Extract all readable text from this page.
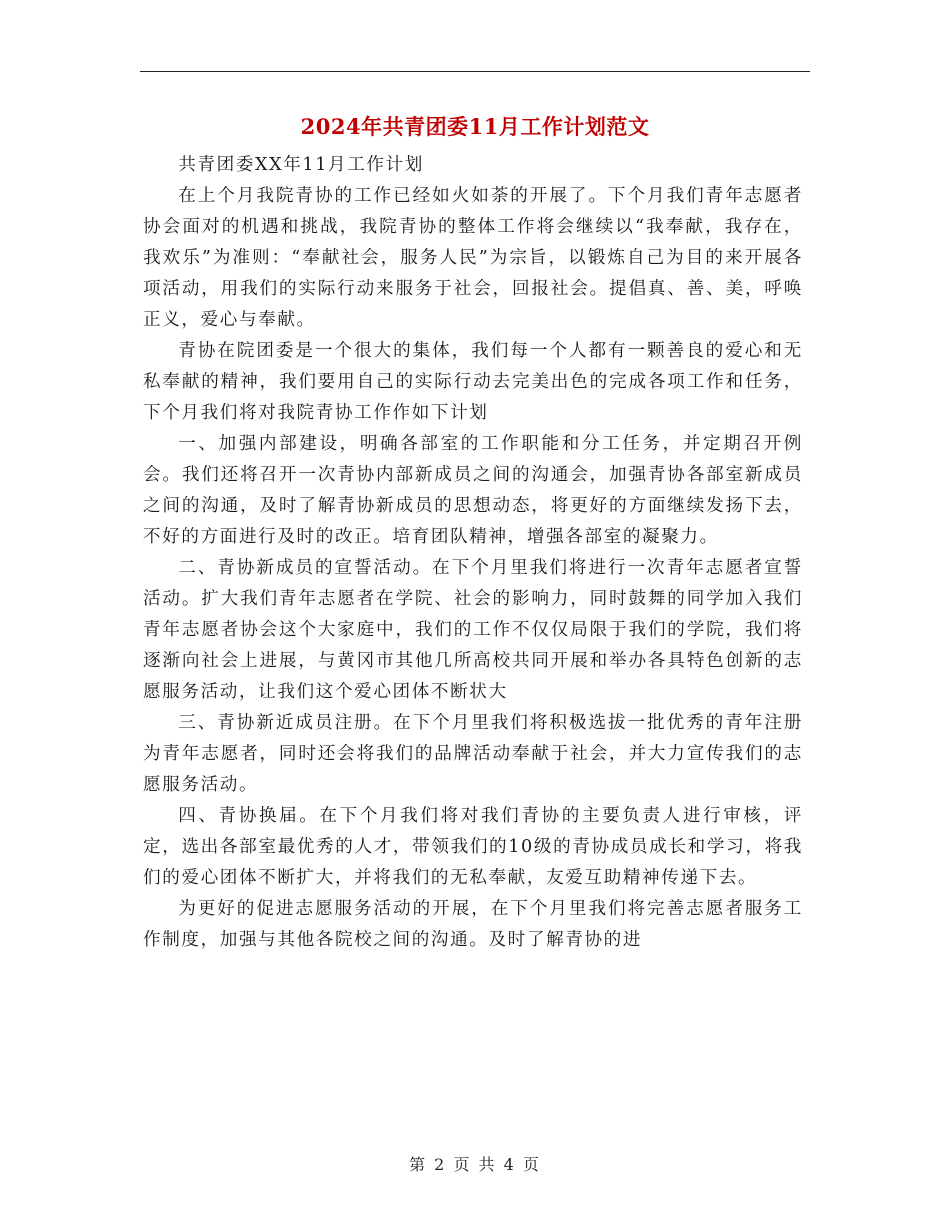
2024年共青团委11月工作计划范文

共青团委XX年11月工作计划

在上个月我院青协的工作已经如火如荼的开展了。下个月我们青年志愿者协会面对的机遇和挑战，我院青协的整体工作将会继续以“我奉献，我存在，我欢乐”为准则：“奉献社会，服务人民”为宗旨，以锻炼自己为目的来开展各项活动，用我们的实际行动来服务于社会，回报社会。提倡真、善、美，呼唤正义，爱心与奉献。

青协在院团委是一个很大的集体，我们每一个人都有一颗善良的爱心和无私奉献的精神，我们要用自己的实际行动去完美出色的完成各项工作和任务，下个月我们将对我院青协工作作如下计划

一、加强内部建设，明确各部室的工作职能和分工任务，并定期召开例会。我们还将召开一次青协内部新成员之间的沟通会，加强青协各部室新成员之间的沟通，及时了解青协新成员的思想动态，将更好的方面继续发扬下去，不好的方面进行及时的改正。培育团队精神，增强各部室的凝聚力。

二、青协新成员的宣誓活动。在下个月里我们将进行一次青年志愿者宣誓活动。扩大我们青年志愿者在学院、社会的影响力，同时鼓舞的同学加入我们青年志愿者协会这个大家庭中，我们的工作不仅仅局限于我们的学院，我们将逐渐向社会上进展，与黄冈市其他几所高校共同开展和举办各具特色创新的志愿服务活动，让我们这个爱心团体不断状大

三、青协新近成员注册。在下个月里我们将积极选拔一批优秀的青年注册为青年志愿者，同时还会将我们的品牌活动奉献于社会，并大力宣传我们的志愿服务活动。

四、青协换届。在下个月我们将对我们青协的主要负责人进行审核，评定，选出各部室最优秀的人才，带领我们的10级的青协成员成长和学习，将我们的爱心团体不断扩大，并将我们的无私奉献，友爱互助精神传递下去。

为更好的促进志愿服务活动的开展，在下个月里我们将完善志愿者服务工作制度，加强与其他各院校之间的沟通。及时了解青协的进

第 2 页 共 4 页
